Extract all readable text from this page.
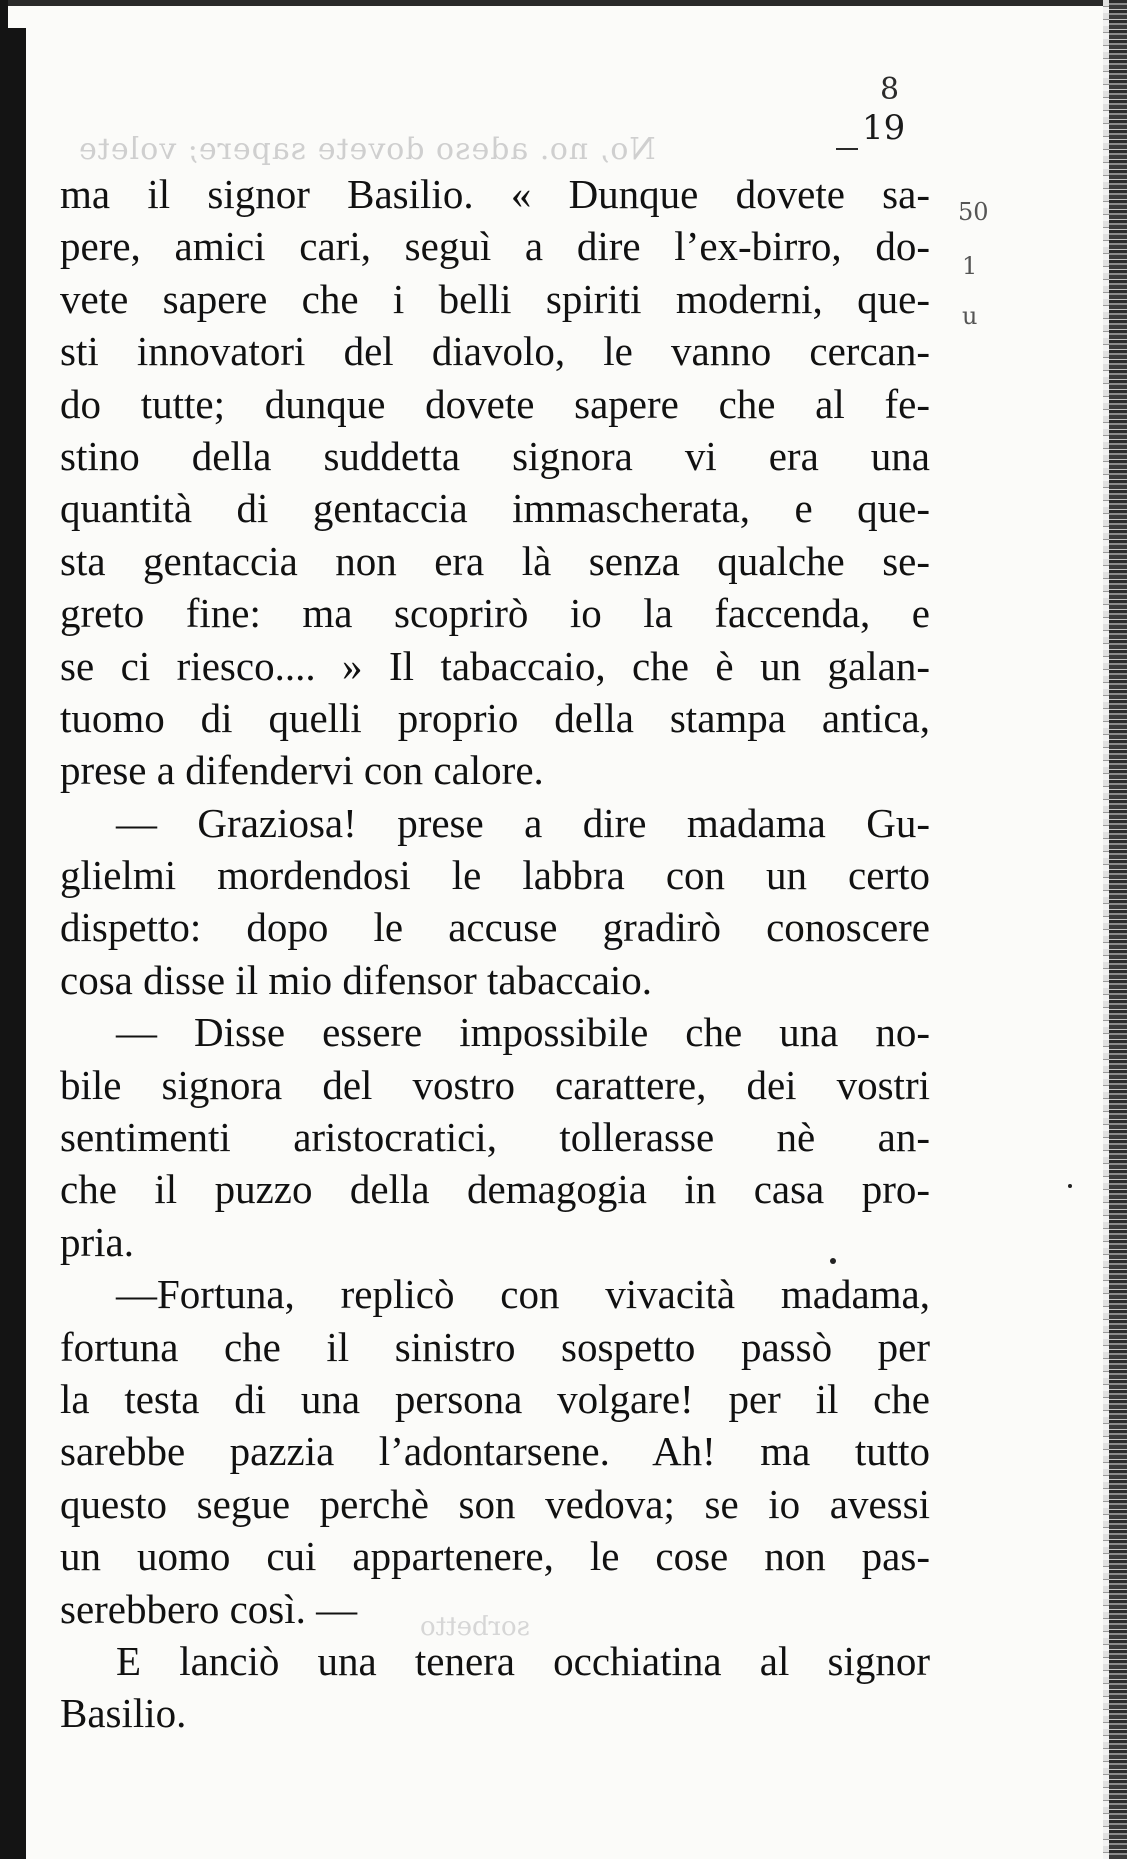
No, no. adeso dovete sapere; volete
sorbetto
8
19
50
1
u
ma il signor Basilio. « Dunque dovete sa-
pere, amici cari, seguì a dire l’ex-birro, do-
vete sapere che i belli spiriti moderni, que-
sti innovatori del diavolo, le vanno cercan-
do tutte; dunque dovete sapere che al fe-
stino della suddetta signora vi era una
quantità di gentaccia immascherata, e que-
sta gentaccia non era là senza qualche se-
greto fine: ma scoprirò io la faccenda, e
se ci riesco.... » Il tabaccaio, che è un galan-
tuomo di quelli proprio della stampa antica,
prese a difendervi con calore.
— Graziosa! prese a dire madama Gu-
glielmi mordendosi le labbra con un certo
dispetto: dopo le accuse gradirò conoscere
cosa disse il mio difensor tabaccaio.
— Disse essere impossibile che una no-
bile signora del vostro carattere, dei vostri
sentimenti aristocratici, tollerasse nè an-
che il puzzo della demagogia in casa pro-
pria.
—Fortuna, replicò con vivacità madama,
fortuna che il sinistro sospetto passò per
la testa di una persona volgare! per il che
sarebbe pazzia l’adontarsene. Ah! ma tutto
questo segue perchè son vedova; se io avessi
un uomo cui appartenere, le cose non pas-
serebbero così. —
E lanciò una tenera occhiatina al signor
Basilio.
